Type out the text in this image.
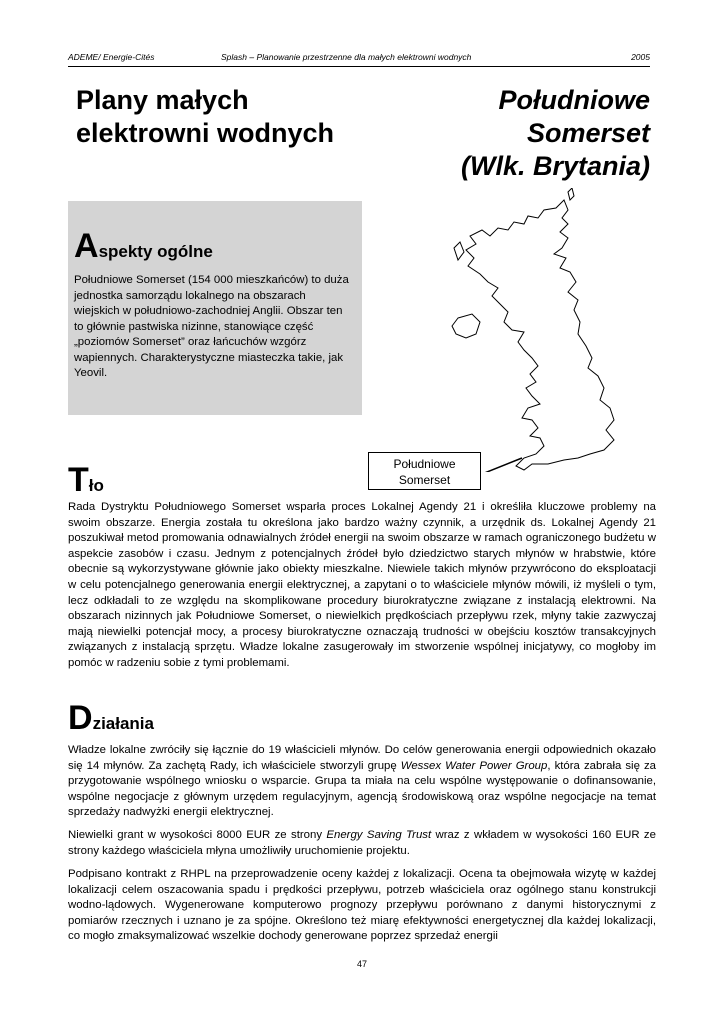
ADEME/ Energie-Cités	Splash – Planowanie przestrzenne dla małych elektrowni wodnych	2005
Plany małych
elektrowni wodnych
Południowe
Somerset
(Wlk. Brytania)
Aspekty ogólne

Południowe Somerset (154 000 mieszkańców) to duża jednostka samorządu lokalnego na obszarach wiejskich w południowo-zachodniej Anglii. Obszar ten to głównie pastwiska nizinne, stanowiące część „poziomów Somerset” oraz łańcuchów wzgórz wapiennych. Charakterystyczne miasteczka takie, jak Yeovil.

Południowe
Somerset
Tło

Rada Dystryktu Południowego Somerset wsparła proces Lokalnej Agendy 21 i określiła kluczowe problemy na swoim obszarze. Energia została tu określona jako bardzo ważny czynnik, a urzędnik ds. Lokalnej Agendy 21 poszukiwał metod promowania odnawialnych źródeł energii na swoim obszarze w ramach ograniczonego budżetu w aspekcie zasobów i czasu. Jednym z potencjalnych źródeł było dziedzictwo starych młynów w hrabstwie, które obecnie są wykorzystywane głównie jako obiekty mieszkalne. Niewiele takich młynów przywrócono do eksploatacji w celu potencjalnego generowania energii elektrycznej, a zapytani o to właściciele młynów mówili, iż myśleli o tym, lecz odkładali to ze względu na skomplikowane procedury biurokratyczne związane z instalacją elektrowni. Na obszarach nizinnych jak Południowe Somerset, o niewielkich prędkościach przepływu rzek, młyny takie zazwyczaj mają niewielki potencjał mocy, a procesy biurokratyczne oznaczają trudności w obejściu kosztów transakcyjnych związanych z instalacją sprzętu. Władze lokalne zasugerowały im stworzenie wspólnej inicjatywy, co mogłoby im pomóc w radzeniu sobie z tymi problemami.

Działania

Władze lokalne zwróciły się łącznie do 19 właścicieli młynów. Do celów generowania energii odpowiednich okazało się 14 młynów. Za zachętą Rady, ich właściciele stworzyli grupę Wessex Water Power Group, która zabrała się za przygotowanie wspólnego wniosku o wsparcie. Grupa ta miała na celu wspólne występowanie o dofinansowanie, wspólne negocjacje z głównym urzędem regulacyjnym, agencją środowiskową oraz wspólne negocjacje na temat sprzedaży nadwyżki energii elektrycznej.

Niewielki grant w wysokości 8000 EUR ze strony Energy Saving Trust wraz z wkładem w wysokości 160 EUR ze strony każdego właściciela młyna umożliwiły uruchomienie projektu.

Podpisano kontrakt z RHPL na przeprowadzenie oceny każdej z lokalizacji. Ocena ta obejmowała wizytę w każdej lokalizacji celem oszacowania spadu i prędkości przepływu, potrzeb właściciela oraz ogólnego stanu konstrukcji wodno-lądowych. Wygenerowane komputerowo prognozy przepływu porównano z danymi historycznymi z pomiarów rzecznych i uznano je za spójne. Określono też miarę efektywności energetycznej dla każdej lokalizacji, co mogło zmaksymalizować wszelkie dochody generowane poprzez sprzedaż energii

47
